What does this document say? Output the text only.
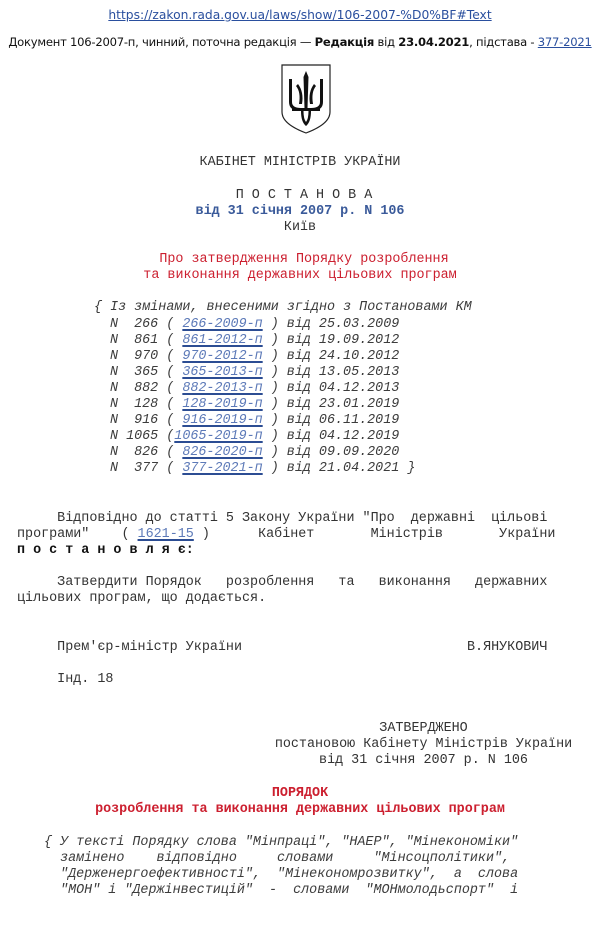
https://zakon.rada.gov.ua/laws/show/106-2007-%D0%BF#Text
Документ 106-2007-п, чинний, поточна редакція — Редакція від 23.04.2021, підстава - 377-2021
КАБІНЕТ МІНІСТРІВ УКРАЇНИ
П О С Т А Н О В А
від 31 січня 2007 р. N 106
Київ
Про затвердження Порядку розроблення
та виконання державних цільових програм
{ Із змінами, внесеними згідно з Постановами КМ
N  266 ( 266-2009-п ) від 25.03.2009
N  861 ( 861-2012-п ) від 19.09.2012
N  970 ( 970-2012-п ) від 24.10.2012
N  365 ( 365-2013-п ) від 13.05.2013
N  882 ( 882-2013-п ) від 04.12.2013
N  128 ( 128-2019-п ) від 23.01.2019
N  916 ( 916-2019-п ) від 06.11.2019
N 1065 (1065-2019-п ) від 04.12.2019
N  826 ( 826-2020-п ) від 09.09.2020
N  377 ( 377-2021-п ) від 21.04.2021 }
Відповідно до статті 5 Закону України "Про  державні  цільові
програми"    ( 1621-15 )      Кабінет       Міністрів       України
п о с т а н о в л я є:
Затвердити Порядок   розроблення   та   виконання   державних
цільових програм, що додається.
Прем'єр-міністр України                            В.ЯНУКОВИЧ
Інд. 18
ЗАТВЕРДЖЕНО
постановою Кабінету Міністрів України
від 31 січня 2007 р. N 106
ПОРЯДОК
розроблення та виконання державних цільових програм
{ У тексті Порядку слова "Мінпраці", "НАЕР", "Мінекономіки"
замінено    відповідно     словами     "Мінсоцполітики",
"Держенергоефективності",  "Мінекономрозвитку",  а  слова
"МОН" і "Держінвестицій"  -  словами  "МОНмолодьспорт"  і
